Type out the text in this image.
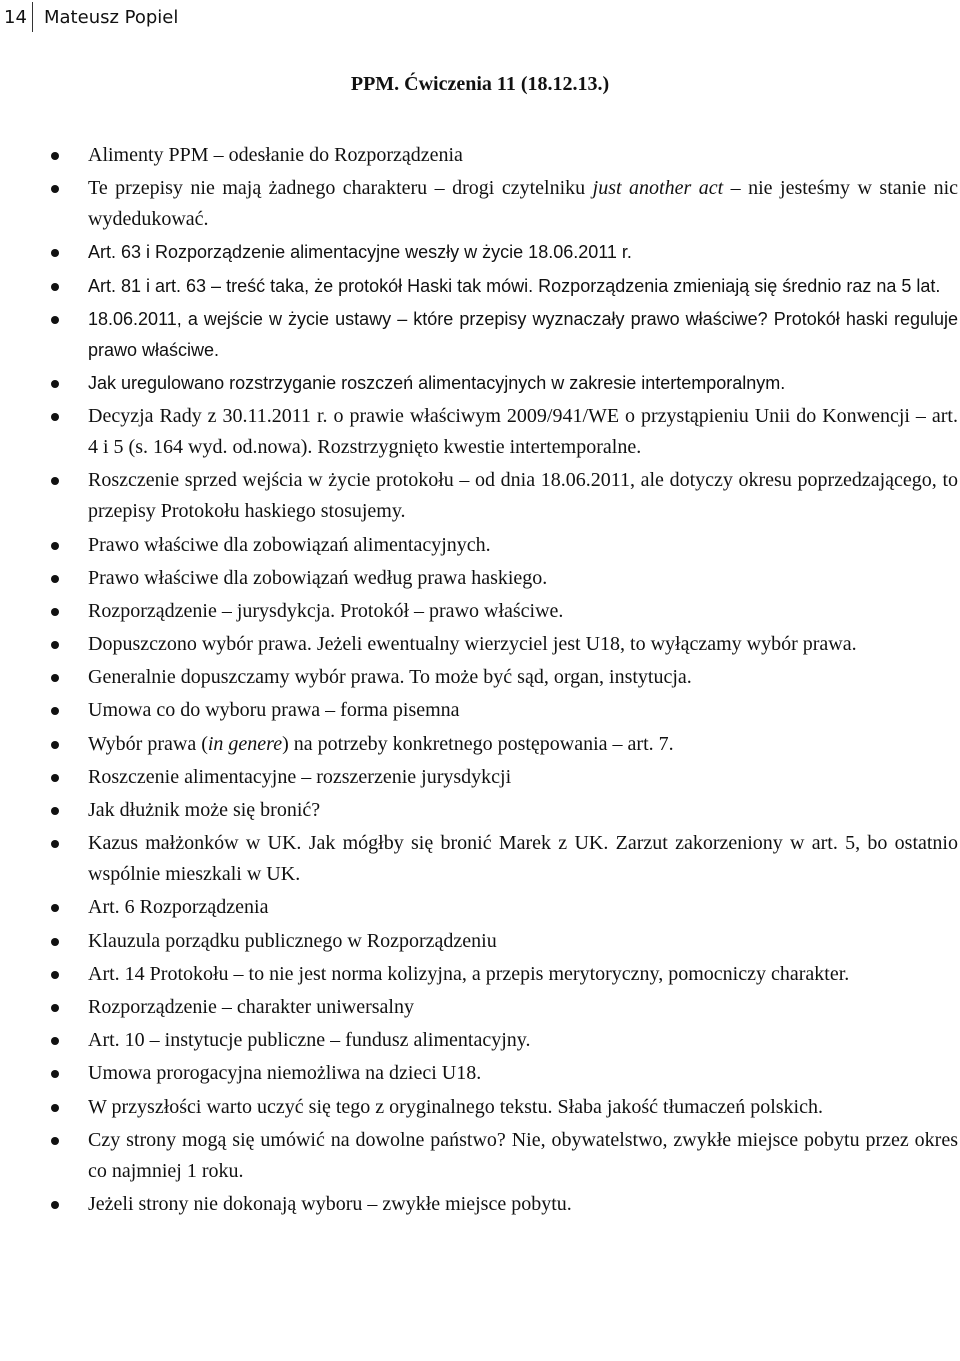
14 Mateusz Popiel
PPM. Ćwiczenia 11 (18.12.13.)
Alimenty PPM – odesłanie do Rozporządzenia
Te przepisy nie mają żadnego charakteru – drogi czytelniku just another act – nie jesteśmy w stanie nic wydedukować.
Art. 63 i Rozporządzenie alimentacyjne weszły w życie 18.06.2011 r.
Art. 81 i art. 63 – treść taka, że protokół Haski tak mówi. Rozporządzenia zmieniają się średnio raz na 5 lat.
18.06.2011, a wejście w życie ustawy – które przepisy wyznaczały prawo właściwe? Protokół haski reguluje prawo właściwe.
Jak uregulowano rozstrzyganie roszczeń alimentacyjnych w zakresie intertemporalnym.
Decyzja Rady z 30.11.2011 r. o prawie właściwym 2009/941/WE o przystąpieniu Unii do Konwencji – art. 4 i 5 (s. 164 wyd. od.nowa). Rozstrzygnięto kwestie intertemporalne.
Roszczenie sprzed wejścia w życie protokołu – od dnia 18.06.2011, ale dotyczy okresu poprzedzającego, to przepisy Protokołu haskiego stosujemy.
Prawo właściwe dla zobowiązań alimentacyjnych.
Prawo właściwe dla zobowiązań według prawa haskiego.
Rozporządzenie – jurysdykcja. Protokół – prawo właściwe.
Dopuszczono wybór prawa. Jeżeli ewentualny wierzyciel jest U18, to wyłączamy wybór prawa.
Generalnie dopuszczamy wybór prawa. To może być sąd, organ, instytucja.
Umowa co do wyboru prawa – forma pisemna
Wybór prawa (in genere) na potrzeby konkretnego postępowania – art. 7.
Roszczenie alimentacyjne – rozszerzenie jurysdykcji
Jak dłużnik może się bronić?
Kazus małżonków w UK. Jak mógłby się bronić Marek z UK. Zarzut zakorzeniony w art. 5, bo ostatnio wspólnie mieszkali w UK.
Art. 6 Rozporządzenia
Klauzula porządku publicznego w Rozporządzeniu
Art. 14 Protokołu – to nie jest norma kolizyjna, a przepis merytoryczny, pomocniczy charakter.
Rozporządzenie – charakter uniwersalny
Art. 10 – instytucje publiczne – fundusz alimentacyjny.
Umowa prorogacyjna niemożliwa na dzieci U18.
W przyszłości warto uczyć się tego z oryginalnego tekstu. Słaba jakość tłumaczeń polskich.
Czy strony mogą się umówić na dowolne państwo? Nie, obywatelstwo, zwykłe miejsce pobytu przez okres co najmniej 1 roku.
Jeżeli strony nie dokonają wyboru – zwykłe miejsce pobytu.
